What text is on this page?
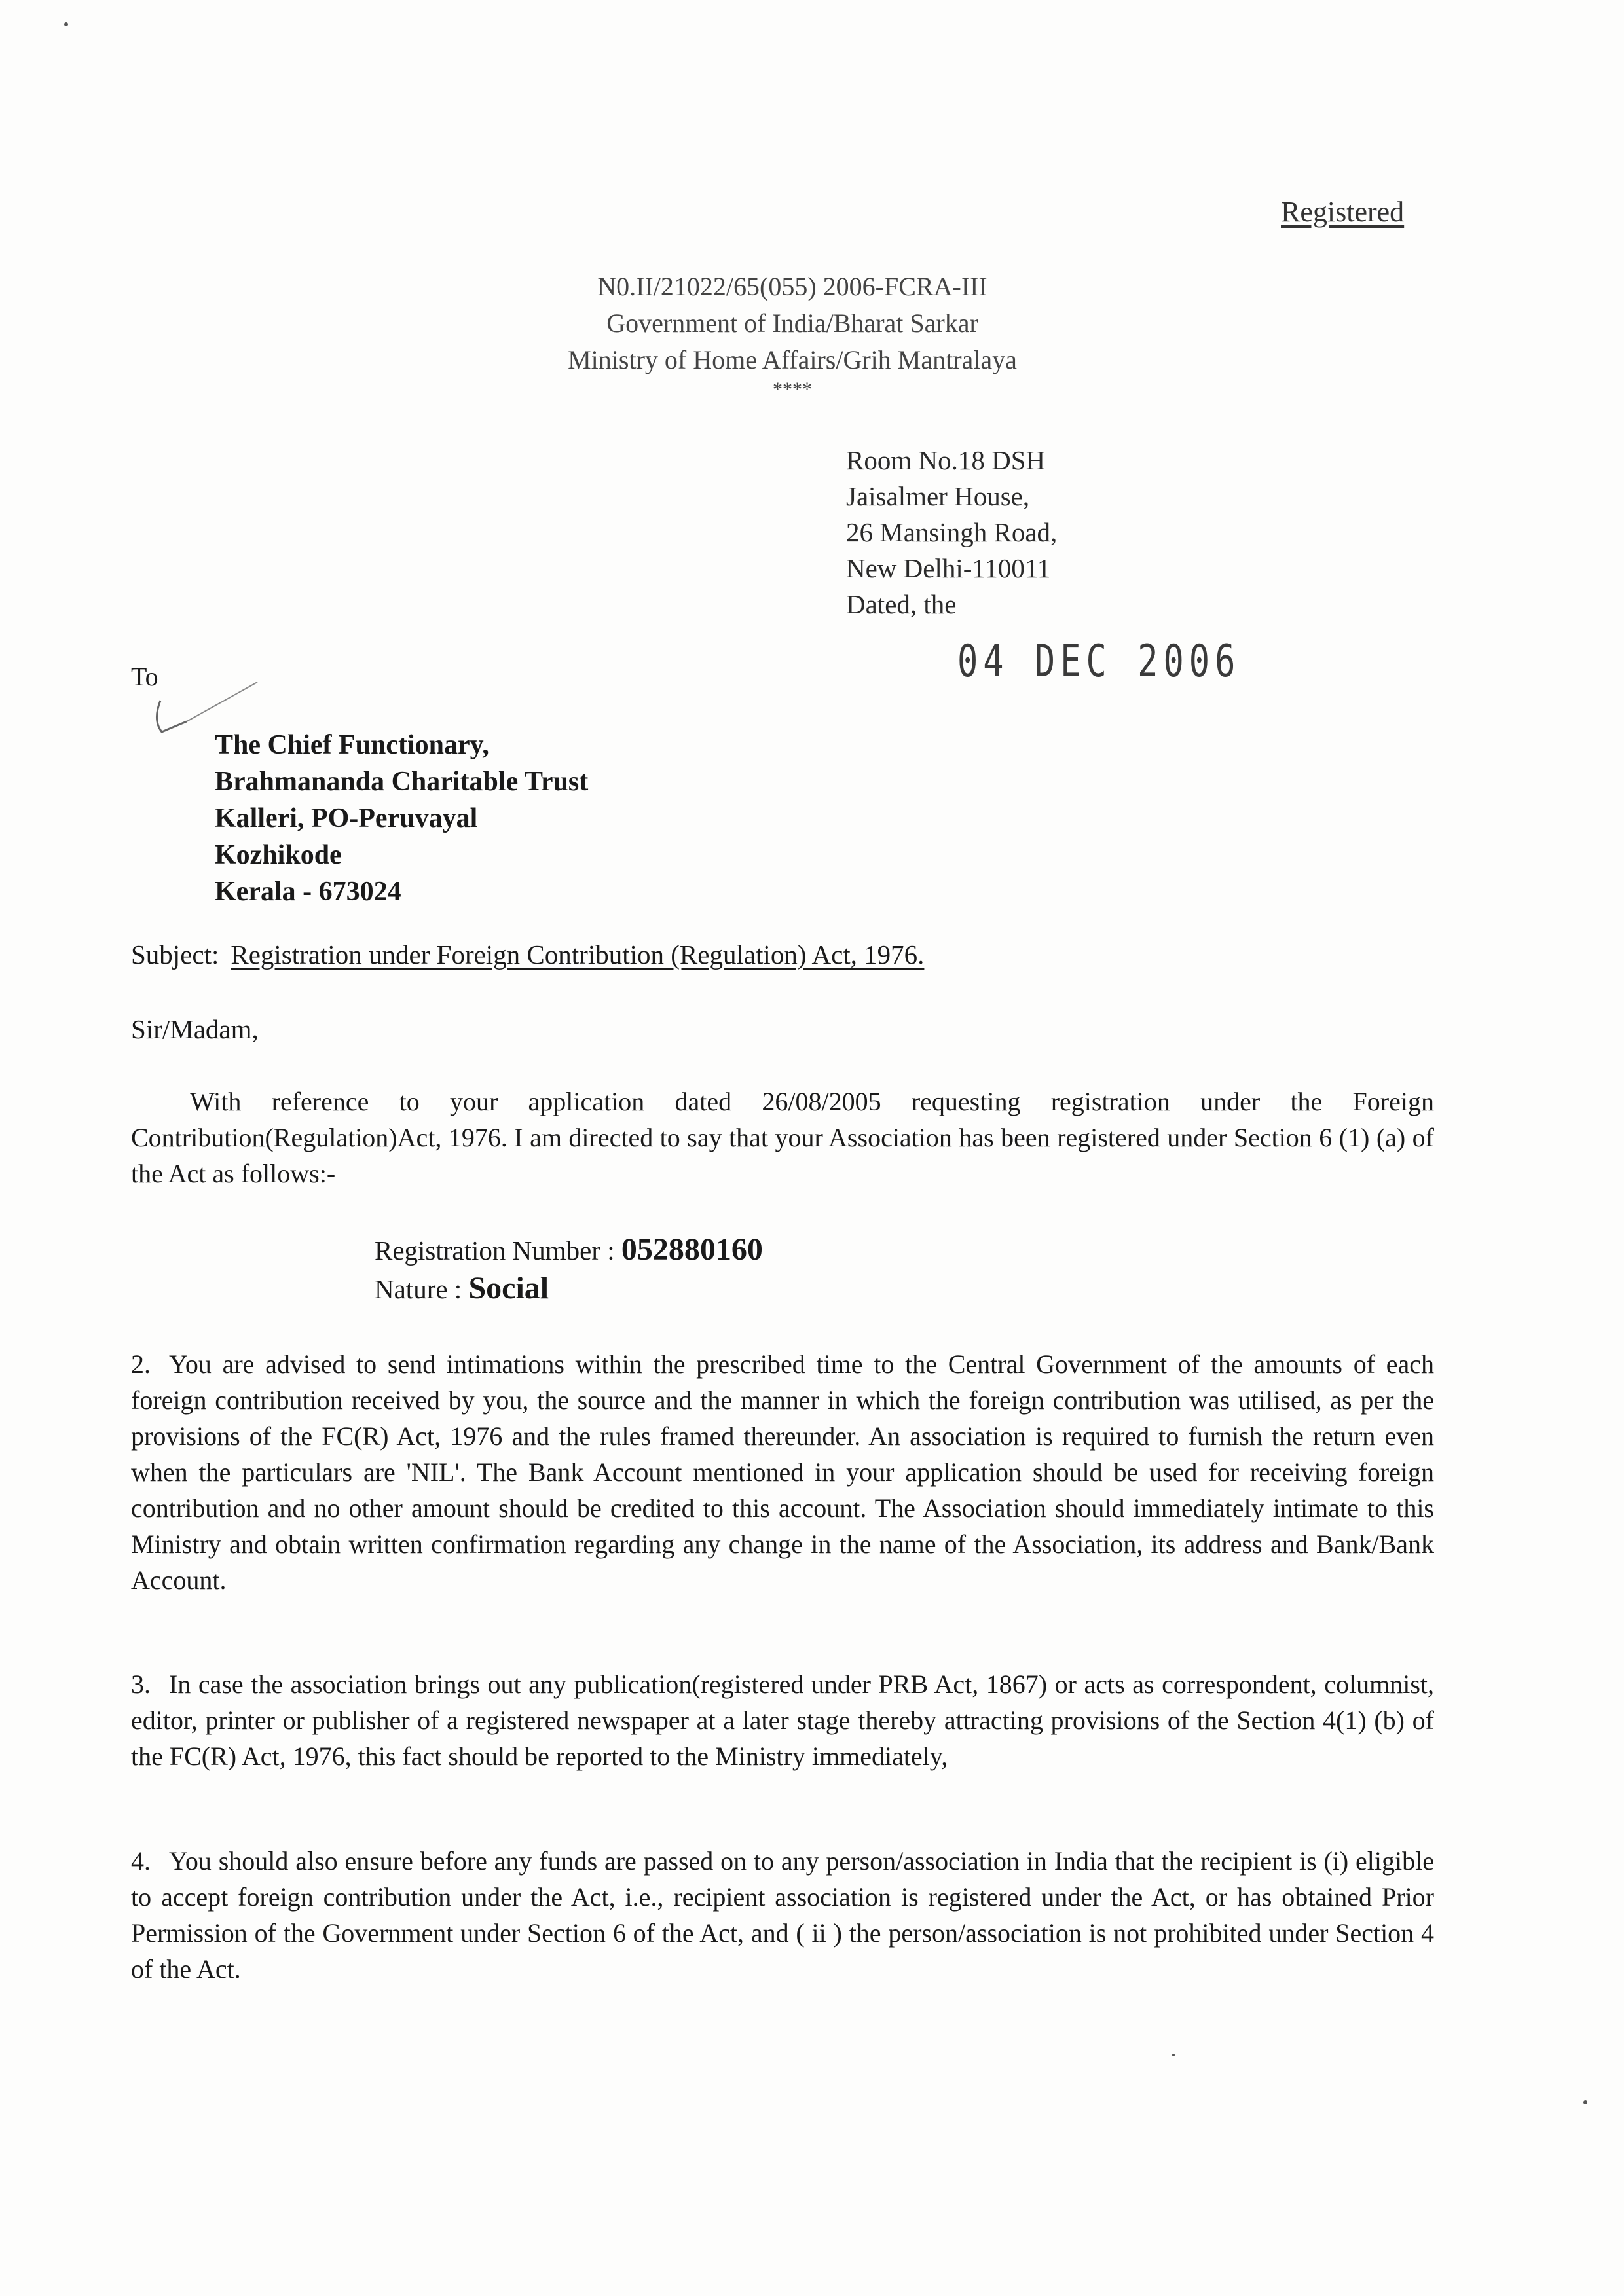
Registered
N0.II/21022/65(055) 2006-FCRA-III
Government of India/Bharat Sarkar
Ministry of Home Affairs/Grih Mantralaya
****
Room No.18 DSH
Jaisalmer House,
26 Mansingh Road,
New Delhi-110011
Dated, the
04 DEC 2006
To
The Chief Functionary,
Brahmananda Charitable Trust
Kalleri, PO-Peruvayal
Kozhikode
Kerala - 673024
Subject: Registration under Foreign Contribution (Regulation) Act, 1976.
Sir/Madam,
With reference to your application dated 26/08/2005 requesting registration under the Foreign Contribution(Regulation)Act, 1976. I am directed to say that your Association has been registered under Section 6 (1) (a) of the Act as follows:-
Registration Number : 052880160
Nature : Social
2. You are advised to send intimations within the prescribed time to the Central Government of the amounts of each foreign contribution received by you, the source and the manner in which the foreign contribution was utilised, as per the provisions of the FC(R) Act, 1976 and the rules framed thereunder. An association is required to furnish the return even when the particulars are 'NIL'. The Bank Account mentioned in your application should be used for receiving foreign contribution and no other amount should be credited to this account. The Association should immediately intimate to this Ministry and obtain written confirmation regarding any change in the name of the Association, its address and Bank/Bank Account.
3. In case the association brings out any publication(registered under PRB Act, 1867) or acts as correspondent, columnist, editor, printer or publisher of a registered newspaper at a later stage thereby attracting provisions of the Section 4(1) (b) of the FC(R) Act, 1976, this fact should be reported to the Ministry immediately,
4. You should also ensure before any funds are passed on to any person/association in India that the recipient is (i) eligible to accept foreign contribution under the Act, i.e., recipient association is registered under the Act, or has obtained Prior Permission of the Government under Section 6 of the Act, and ( ii ) the person/association is not prohibited under Section 4 of the Act.
